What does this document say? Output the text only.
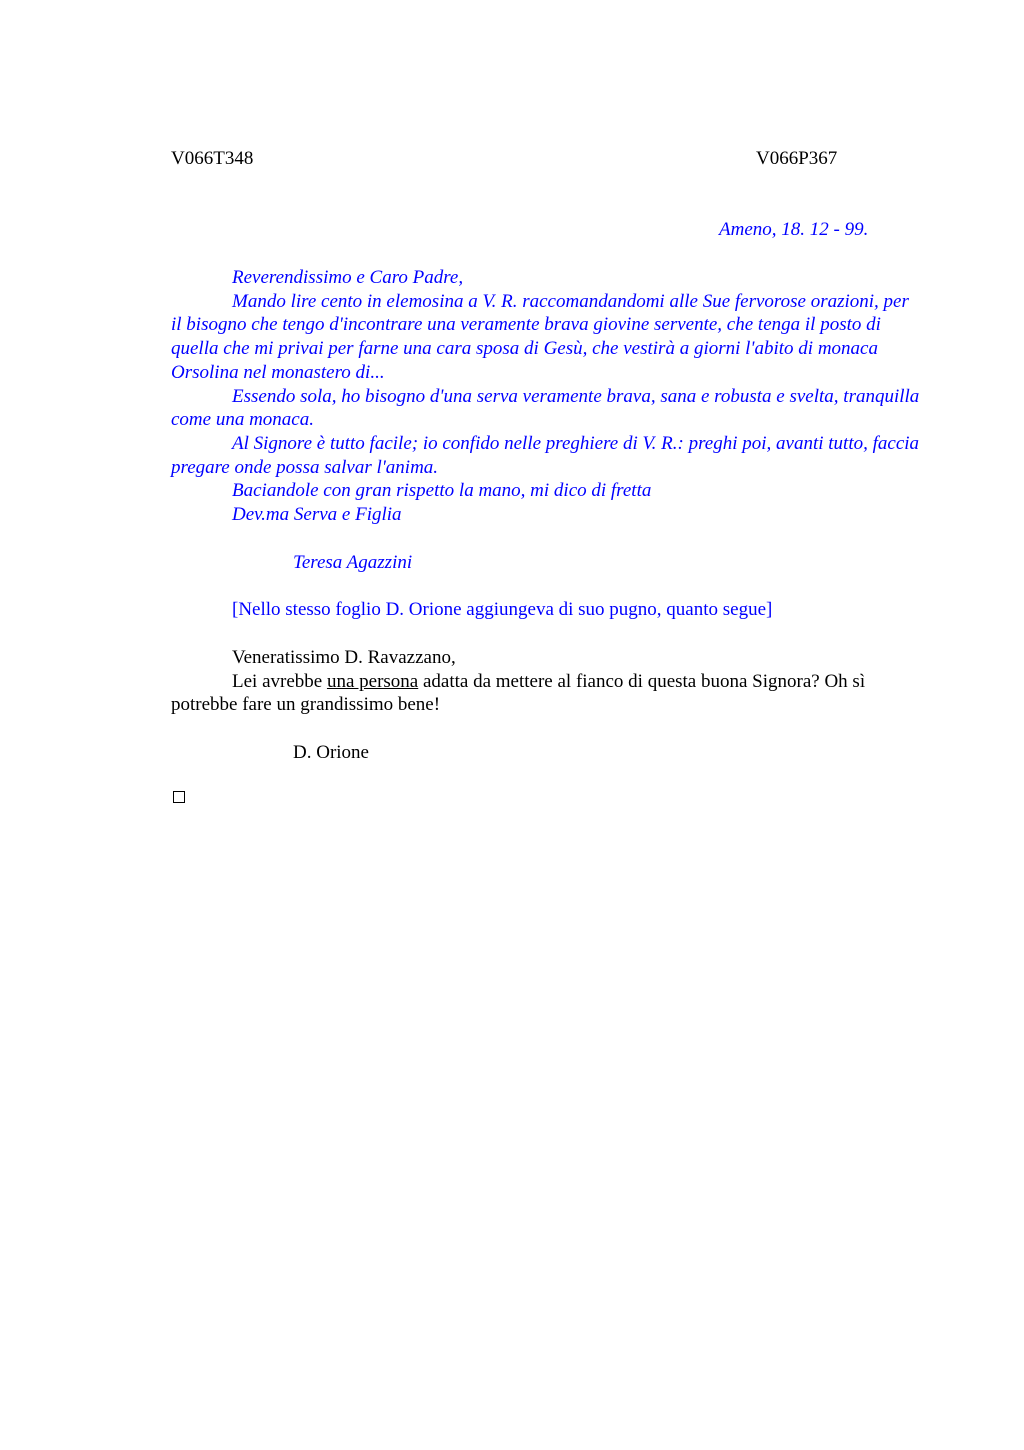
V066T348	V066P367
Ameno, 18. 12 - 99.

Reverendissimo e Caro Padre,

Mando lire cento in elemosina a V. R. raccomandandomi alle Sue fervorose orazioni, per il bisogno che tengo d'incontrare una veramente brava giovine servente, che tenga il posto di quella che mi privai per farne una cara sposa di Gesù, che vestirà a giorni l'abito di monaca Orsolina nel monastero di...

Essendo sola, ho bisogno d'una serva veramente brava, sana e robusta e svelta, tranquilla come una monaca.

Al Signore è tutto facile; io confido nelle preghiere di V. R.: preghi poi, avanti tutto, faccia pregare onde possa salvar l'anima.

Baciandole con gran rispetto la mano, mi dico di fretta

Dev.ma Serva e Figlia

Teresa Agazzini
[Nello stesso foglio D. Orione aggiungeva di suo pugno, quanto segue]

Veneratissimo D. Ravazzano,

Lei avrebbe una persona adatta da mettere al fianco di questa buona Signora? Oh sì potrebbe fare un grandissimo bene!

D. Orione
